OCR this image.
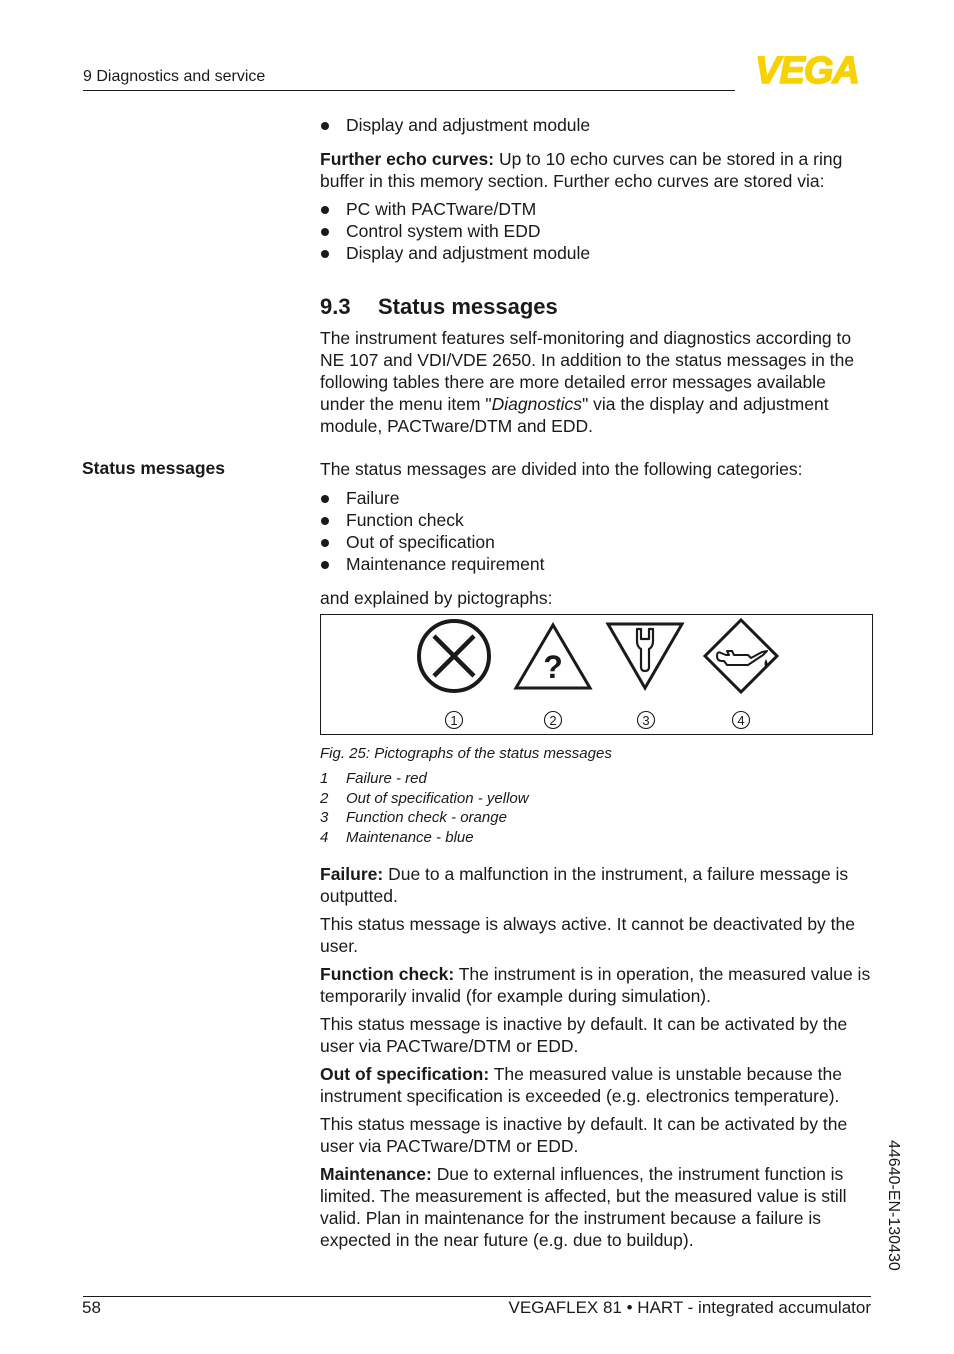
9 Diagnostics and service	VEGA
Display and adjustment module
Further echo curves: Up to 10 echo curves can be stored in a ring buffer in this memory section. Further echo curves are stored via:
PC with PACTware/DTM
Control system with EDD
Display and adjustment module
9.3 Status messages
The instrument features self-monitoring and diagnostics according to NE 107 and VDI/VDE 2650. In addition to the status messages in the following tables there are more detailed error messages available under the menu item "Diagnostics" via the display and adjustment module, PACTware/DTM and EDD.
Status messages	The status messages are divided into the following categories:
Failure
Function check
Out of specification
Maintenance requirement
and explained by pictographs:
?
1	2	3	4
Fig. 25: Pictographs of the status messages
1 Failure - red
2 Out of specification - yellow
3 Function check - orange
4 Maintenance - blue
Failure: Due to a malfunction in the instrument, a failure message is outputted.
This status message is always active. It cannot be deactivated by the user.
Function check: The instrument is in operation, the measured value is temporarily invalid (for example during simulation).
This status message is inactive by default. It can be activated by the user via PACTware/DTM or EDD.
Out of specification: The measured value is unstable because the instrument specification is exceeded (e.g. electronics temperature).
This status message is inactive by default. It can be activated by the user via PACTware/DTM or EDD.
Maintenance: Due to external influences, the instrument function is limited. The measurement is affected, but the measured value is still valid. Plan in maintenance for the instrument because a failure is expected in the near future (e.g. due to buildup).	44640-EN-130430
58	VEGAFLEX 81 • HART - integrated accumulator
